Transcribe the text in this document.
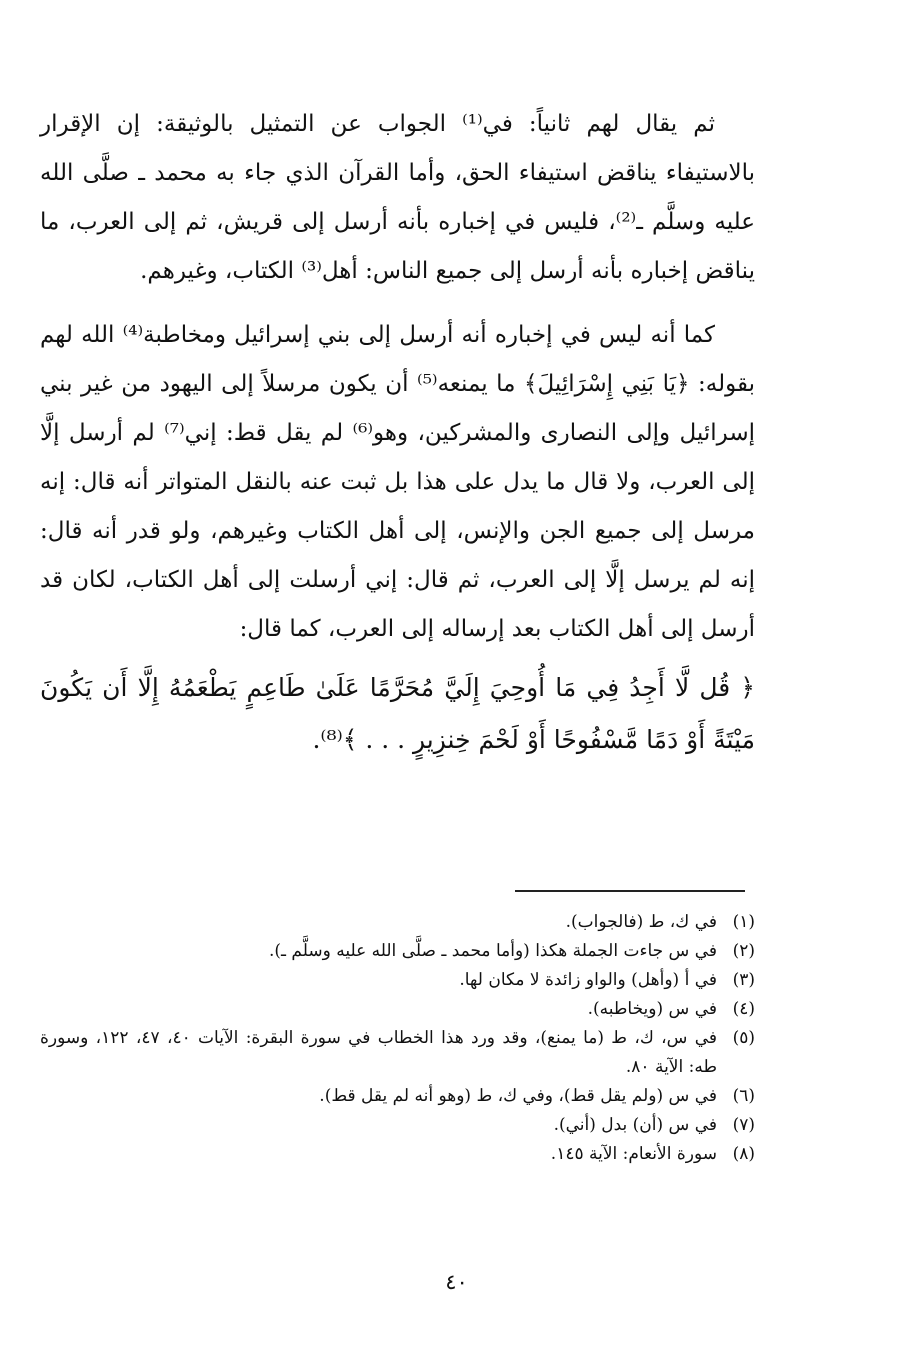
ثم يقال لهم ثانياً: في⁽¹⁾ الجواب عن التمثيل بالوثيقة: إن الإقرار بالاستيفاء يناقض استيفاء الحق، وأما القرآن الذي جاء به محمد ـ صلَّى الله عليه وسلَّم ـ⁽²⁾، فليس في إخباره بأنه أرسل إلى قريش، ثم إلى العرب، ما يناقض إخباره بأنه أرسل إلى جميع الناس: أهل⁽³⁾ الكتاب، وغيرهم.

كما أنه ليس في إخباره أنه أرسل إلى بني إسرائيل ومخاطبة⁽⁴⁾ الله لهم بقوله: ﴿يَا بَنِي إِسْرَائِيلَ﴾ ما يمنعه⁽⁵⁾ أن يكون مرسلاً إلى اليهود من غير بني إسرائيل وإلى النصارى والمشركين، وهو⁽⁶⁾ لم يقل قط: إني⁽⁷⁾ لم أرسل إلَّا إلى العرب، ولا قال ما يدل على هذا بل ثبت عنه بالنقل المتواتر أنه قال: إنه مرسل إلى جميع الجن والإنس، إلى أهل الكتاب وغيرهم، ولو قدر أنه قال: إنه لم يرسل إلَّا إلى العرب، ثم قال: إني أرسلت إلى أهل الكتاب، لكان قد أرسل إلى أهل الكتاب بعد إرساله إلى العرب، كما قال:

﴿ قُل لَّا أَجِدُ فِي مَا أُوحِيَ إِلَيَّ مُحَرَّمًا عَلَىٰ طَاعِمٍ يَطْعَمُهُ إِلَّا أَن يَكُونَ مَيْتَةً أَوْ دَمًا مَّسْفُوحًا أَوْ لَحْمَ خِنزِيرٍ . . . ﴾⁽⁸⁾.

(١)
في ك، ط (فالجواب).
(٢)
في س جاءت الجملة هكذا (وأما محمد ـ صلَّى الله عليه وسلَّم ـ).
(٣)
في أ (وأهل) والواو زائدة لا مكان لها.
(٤)
في س (ويخاطبه).
(٥)
في س، ك، ط (ما يمنع)، وقد ورد هذا الخطاب في سورة البقرة: الآيات ٤٠، ٤٧، ١٢٢، وسورة طه: الآية ٨٠.
(٦)
في س (ولم يقل قط)، وفي ك، ط (وهو أنه لم يقل قط).
(٧)
في س (أن) بدل (أني).
(٨)
سورة الأنعام: الآية ١٤٥.
٤٠
